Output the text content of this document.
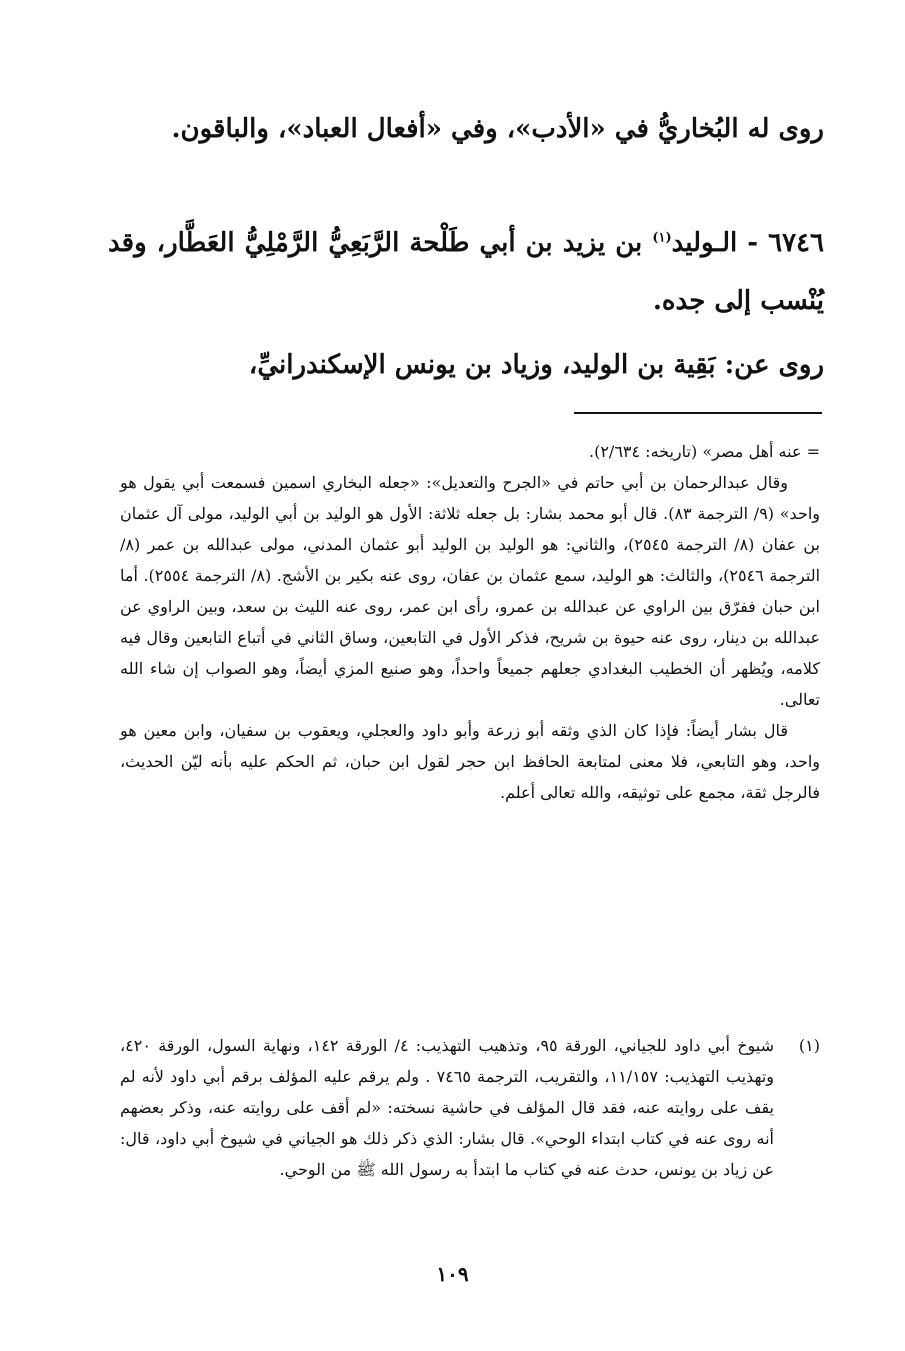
روى له البُخاريُّ في «الأدب»، وفي «أفعال العباد»، والباقون.
٦٧٤٦ - الـوليد$^{(١)}$ بن يزيد بن أبي طَلْحة الرَّبَعِيُّ الرَّمْلِيُّ العَطَّار، وقد يُنْسب إلى جده.
روى عن: بَقِية بن الوليد، وزياد بن يونس الإسكندرانيِّ،

= عنه أهل مصر» (تاريخه: ٢/٦٣٤).

وقال عبدالرحمان بن أبي حاتم في «الجرح والتعديل»: «جعله البخاري اسمين فسمعت أبي يقول هو واحد» (٩/ الترجمة ٨٣). قال أبو محمد بشار: بل جعله ثلاثة: الأول هو الوليد بن أبي الوليد، مولى آل عثمان بن عفان (٨/ الترجمة ٢٥٤٥)، والثاني: هو الوليد بن الوليد أبو عثمان المدني، مولى عبدالله بن عمر (٨/ الترجمة ٢٥٤٦)، والثالث: هو الوليد، سمع عثمان بن عفان، روى عنه بكير بن الأشج. (٨/ الترجمة ٢٥٥٤). أما ابن حبان ففرّق بين الراوي عن عبدالله بن عمرو، رأى ابن عمر، روى عنه الليث بن سعد، وبين الراوي عن عبدالله بن دينار، روى عنه حيوة بن شريح، فذكر الأول في التابعين، وساق الثاني في أتباع التابعين وقال فيه كلامه، ويُظهر أن الخطيب البغدادي جعلهم جميعاً واحداً، وهو صنيع المزي أيضاً، وهو الصواب إن شاء الله تعالى.

قال بشار أيضاً: فإذا كان الذي وثقه أبو زرعة وأبو داود والعجلي، ويعقوب بن سفيان، وابن معين هو واحد، وهو التابعي، فلا معنى لمتابعة الحافظ ابن حجر لقول ابن حبان، ثم الحكم عليه بأنه ليّن الحديث، فالرجل ثقة، مجمع على توثيقه، والله تعالى أعلم.

(١)
شيوخ أبي داود للجياني، الورقة ٩٥، وتذهيب التهذيب: ٤/ الورقة ١٤٢، ونهاية السول، الورقة ٤٢٠، وتهذيب التهذيب: ١١/١٥٧، والتقريب، الترجمة ٧٤٦٥ . ولم يرقم عليه المؤلف برقم أبي داود لأنه لم يقف على روايته عنه، فقد قال المؤلف في حاشية نسخته: «لم أقف على روايته عنه، وذكر بعضهم أنه روى عنه في كتاب ابتداء الوحي». قال بشار: الذي ذكر ذلك هو الجياني في شيوخ أبي داود، قال: عن زياد بن يونس، حدث عنه في كتاب ما ابتدأ به رسول الله ﷺ من الوحي.

١٠٩
